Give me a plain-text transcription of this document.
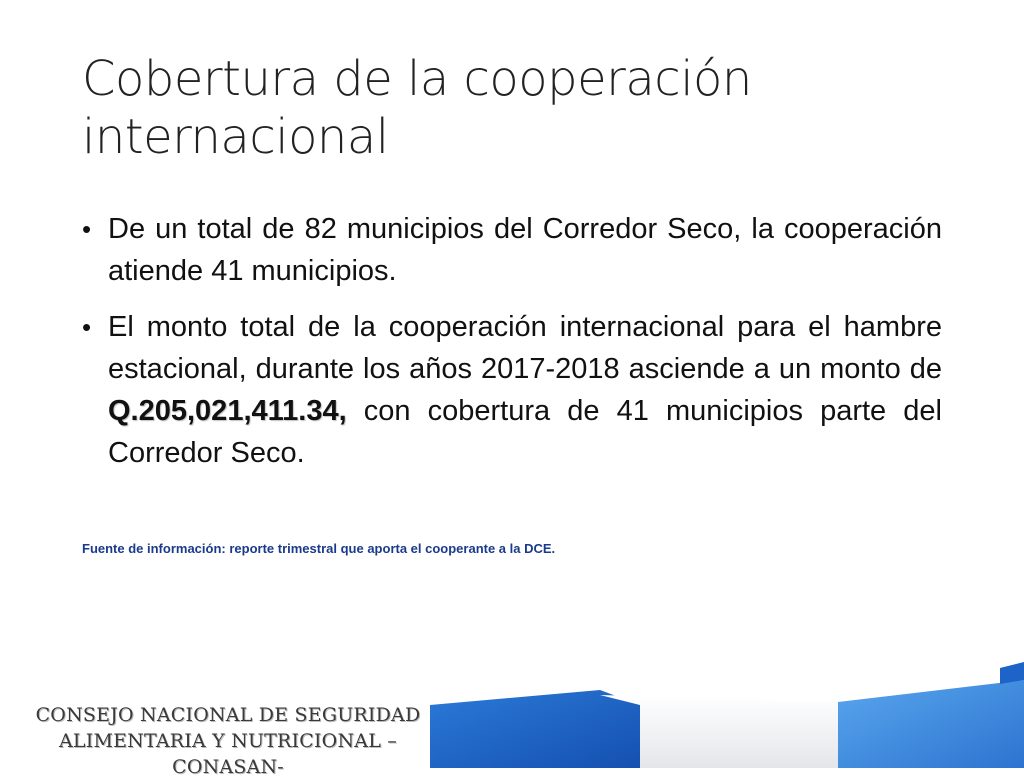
Cobertura de la cooperación internacional
• De un total de 82 municipios del Corredor Seco, la cooperación atiende 41 municipios.
• El monto total de la cooperación internacional para el hambre estacional, durante los años 2017-2018 asciende a un monto de Q.205,021,411.34, con cobertura de 41 municipios parte del Corredor Seco.
Fuente de información: reporte trimestral que aporta el cooperante a la DCE.
CONSEJO NACIONAL DE SEGURIDAD
ALIMENTARIA Y NUTRICIONAL –CONASAN-
